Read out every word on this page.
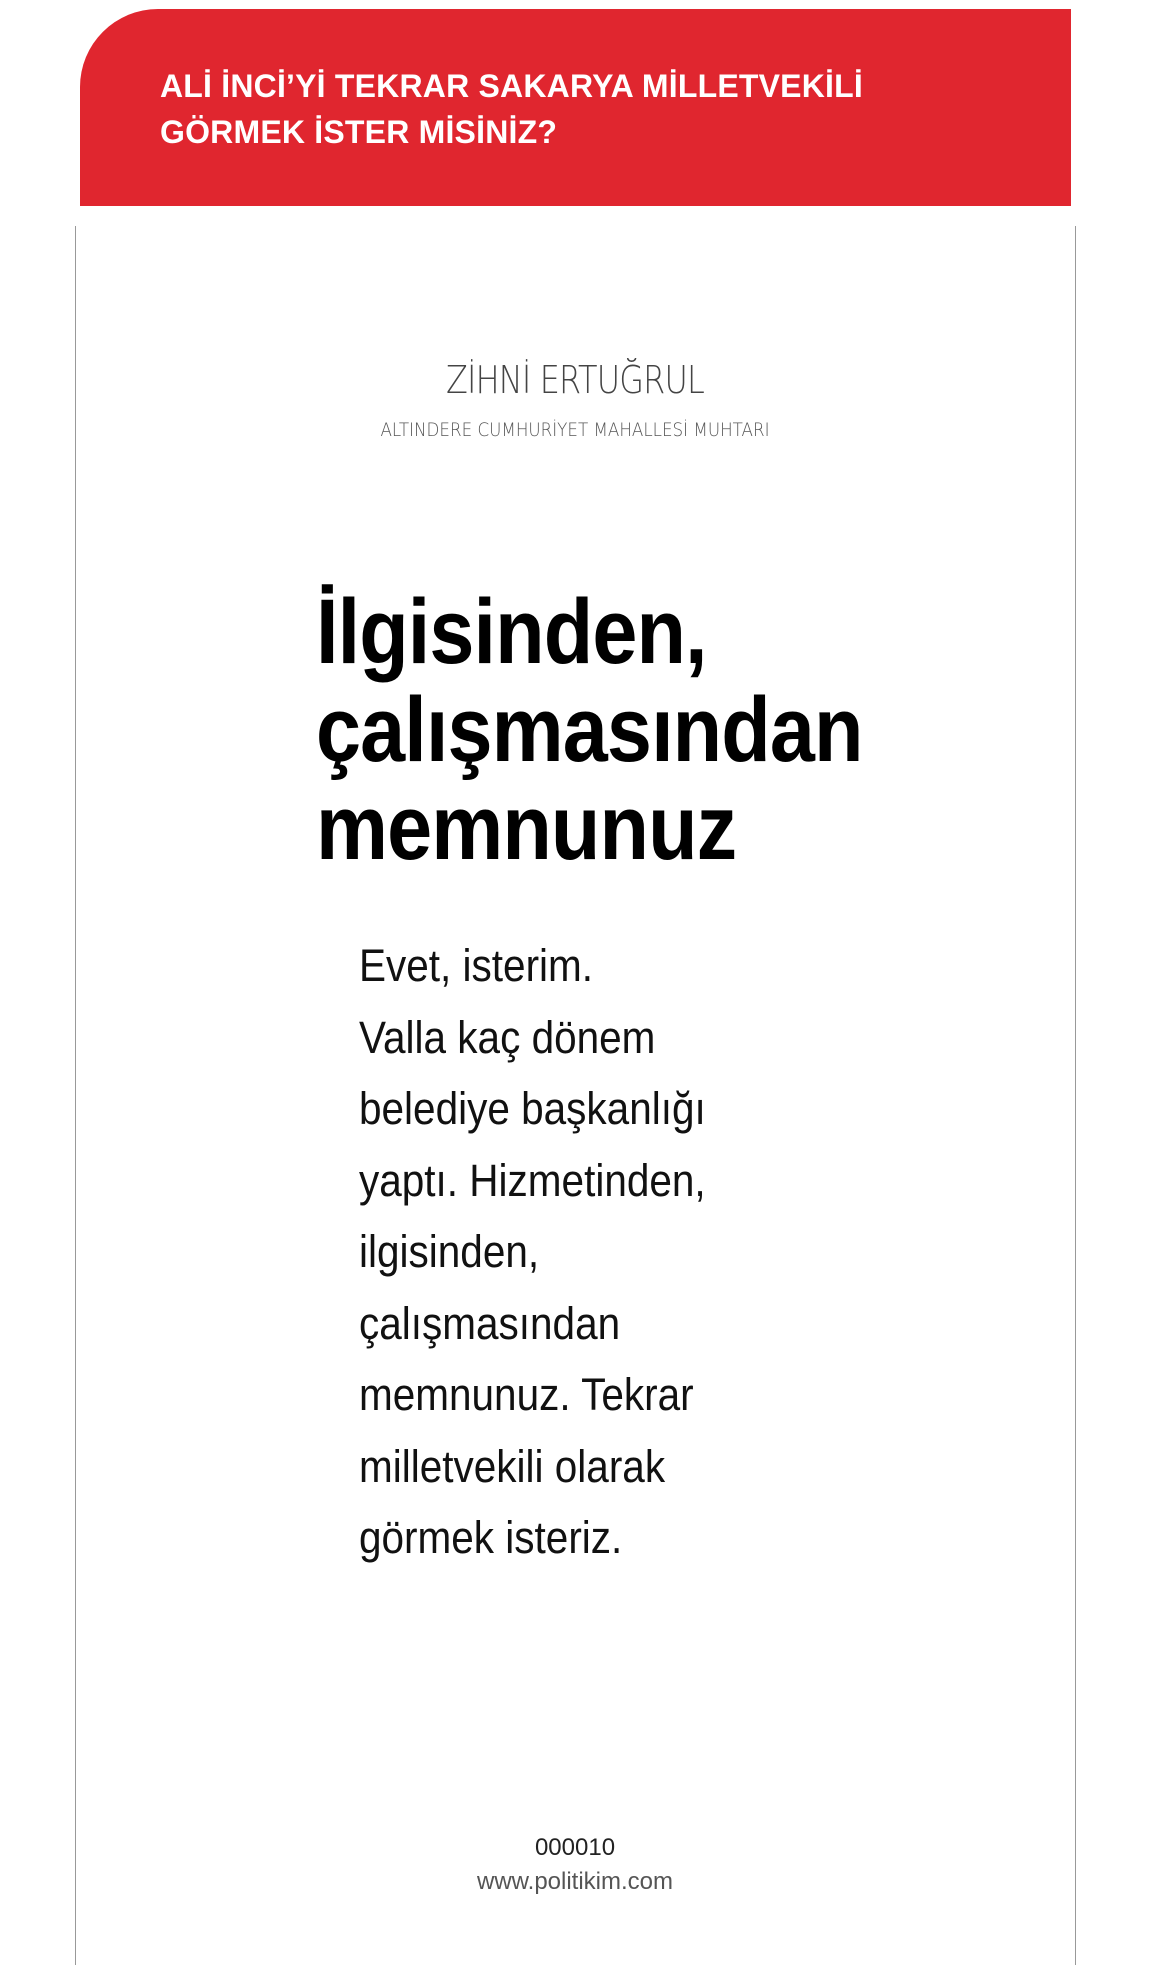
ALİ İNCİ’Yİ TEKRAR SAKARYA MİLLETVEKİLİ
GÖRMEK İSTER MİSİNİZ?
ZİHNİ ERTUĞRUL
ALTINDERE CUMHURİYET MAHALLESİ MUHTARI
İlgisinden,
çalışmasından
memnunuz
Evet, isterim.
Valla kaç dönem
belediye başkanlığı
yaptı. Hizmetinden,
ilgisinden,
çalışmasından
memnunuz. Tekrar
milletvekili olarak
görmek isteriz.
000010
www.politikim.com
